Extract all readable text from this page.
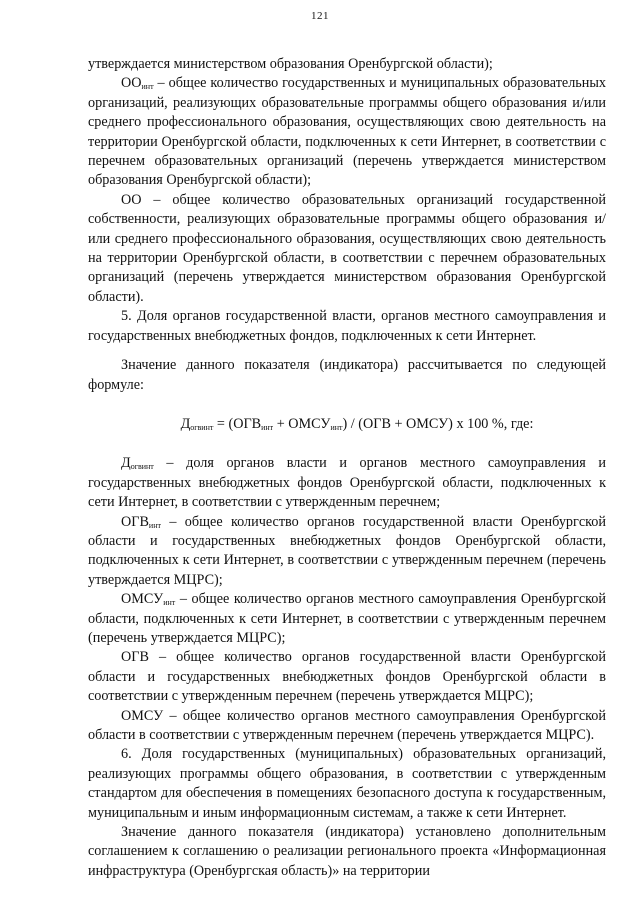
121

утверждается министерством образования Оренбургской области);

$ОО_{инт}$ – общее количество государственных и муниципальных образовательных организаций, реализующих образовательные программы общего образования и/или среднего профессионального образования, осуществляющих свою деятельность на территории Оренбургской области, подключенных к сети Интернет, в соответствии с перечнем образовательных организаций (перечень утверждается министерством образования Оренбургской области);

ОО – общее количество образовательных организаций государственной собственности, реализующих образовательные программы общего образования и/или среднего профессионального образования, осуществляющих свою деятельность на территории Оренбургской области, в соответствии с перечнем образовательных организаций (перечень утверждается министерством образования Оренбургской области).

5. Доля органов государственной власти, органов местного самоуправления и государственных внебюджетных фондов, подключенных к сети Интернет.

Значение данного показателя (индикатора) рассчитывается по следующей формуле:

$Д_{огвинт} = (ОГВ_{инт}$ + $ОМСУ_{инт}) / (ОГВ$ + ОМСУ) х 100 %, где:

$Д_{огвинт}$ – доля органов власти и органов местного самоуправления и государственных внебюджетных фондов Оренбургской области, подключенных к сети Интернет, в соответствии с утвержденным перечнем;

$ОГВ_{инт}$ – общее количество органов государственной власти Оренбургской области и государственных внебюджетных фондов Оренбургской области, подключенных к сети Интернет, в соответствии с утвержденным перечнем (перечень утверждается МЦРС);

$ОМСУ_{инт}$ – общее количество органов местного самоуправления Оренбургской области, подключенных к сети Интернет, в соответствии с утвержденным перечнем (перечень утверждается МЦРС);

ОГВ – общее количество органов государственной власти Оренбургской области и государственных внебюджетных фондов Оренбургской области в соответствии с утвержденным перечнем (перечень утверждается МЦРС);

ОМСУ – общее количество органов местного самоуправления Оренбургской области в соответствии с утвержденным перечнем (перечень утверждается МЦРС).

6. Доля государственных (муниципальных) образовательных организаций, реализующих программы общего образования, в соответствии с утвержденным стандартом для обеспечения в помещениях безопасного доступа к государственным, муниципальным и иным информационным системам, а также к сети Интернет.

Значение данного показателя (индикатора) установлено дополнительным соглашением к соглашению о реализации регионального проекта «Информационная инфраструктура (Оренбургская область)» на территории
